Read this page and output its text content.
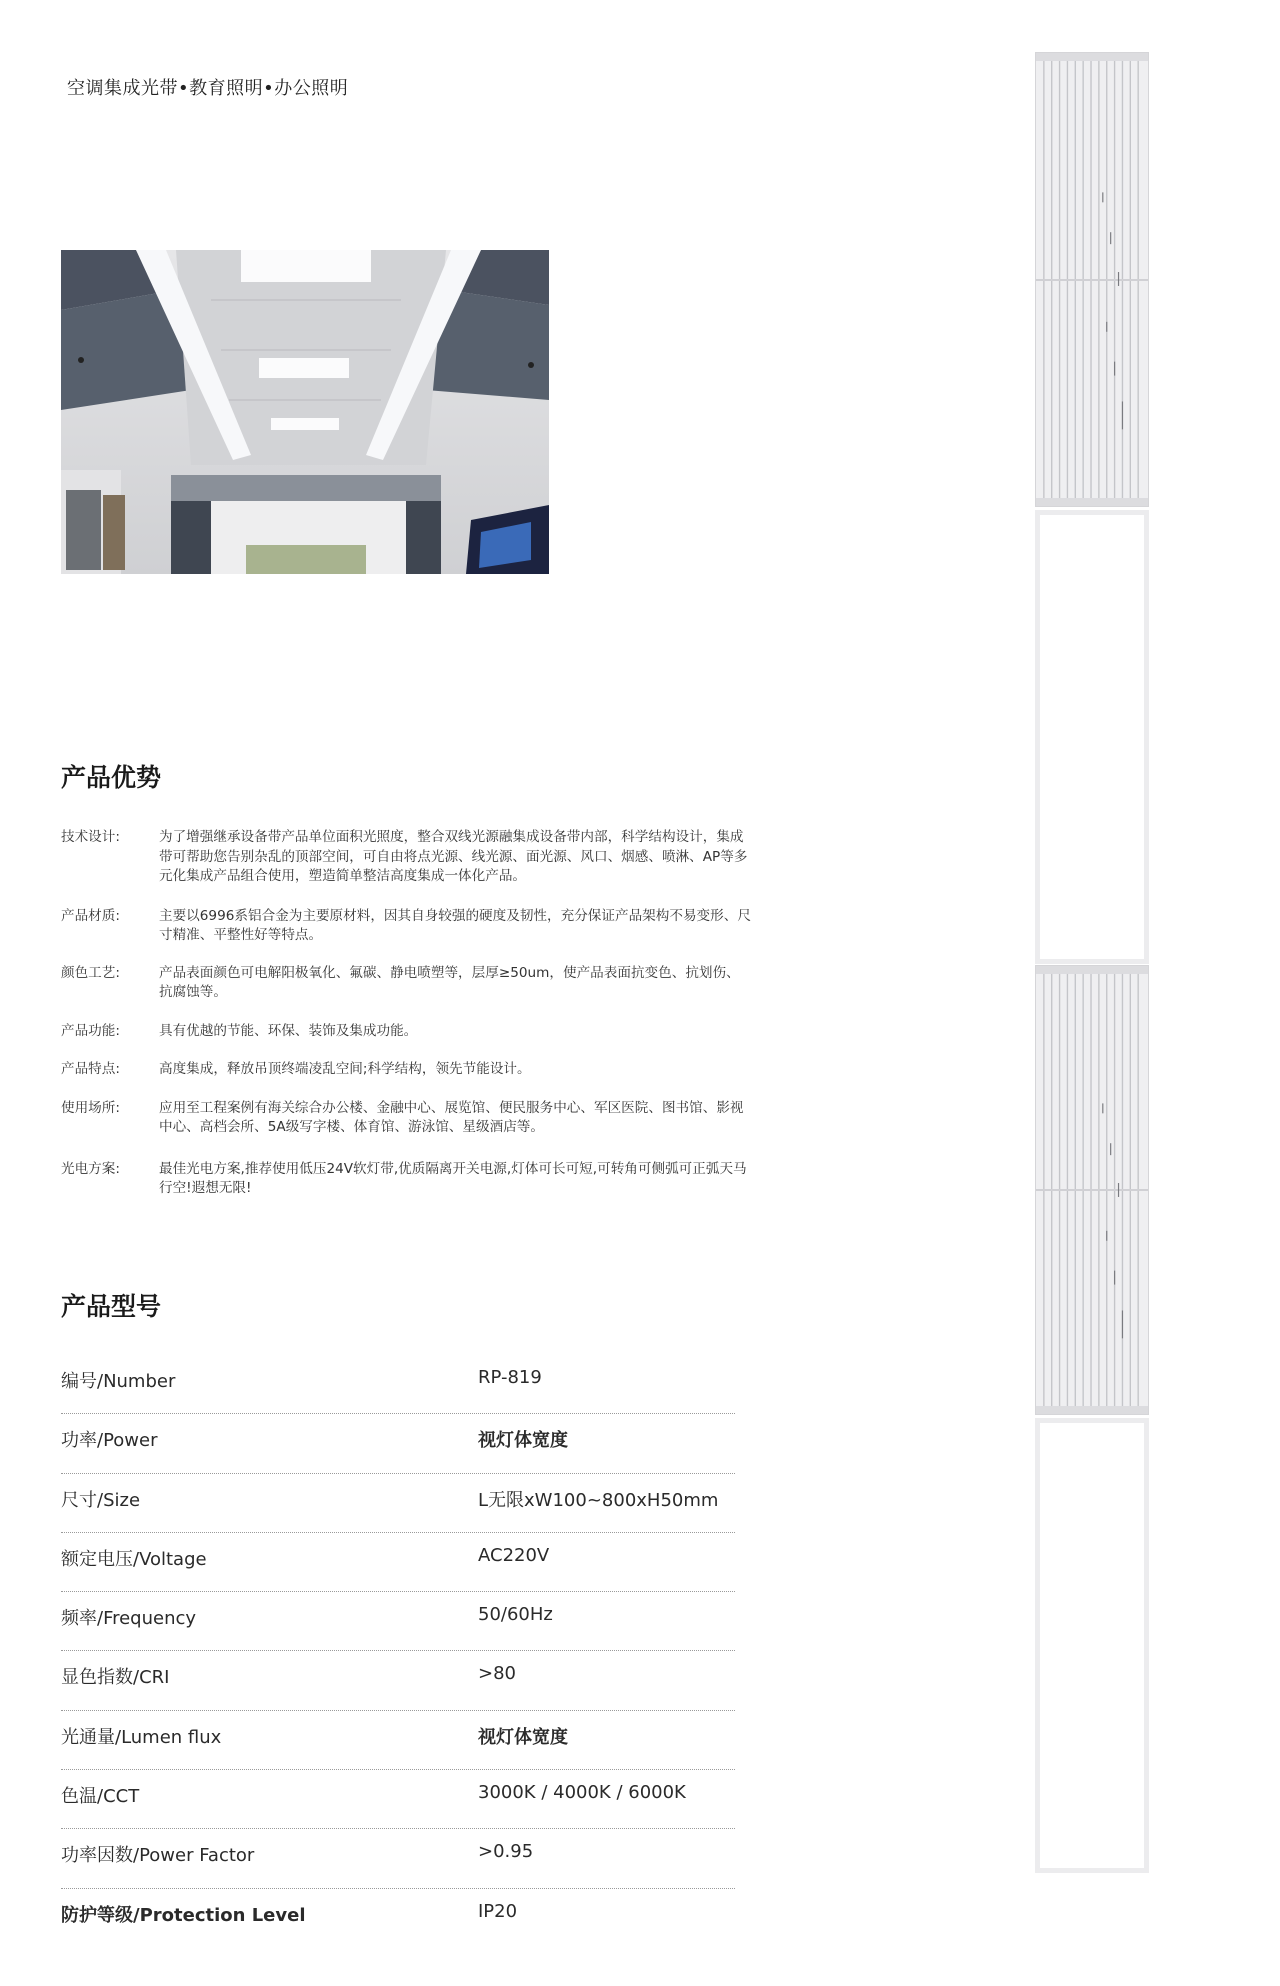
空调集成光带•教育照明•办公照明
产品优势
技术设计:	为了增强继承设备带产品单位面积光照度，整合双线光源融集成设备带内部，科学结构设计，集成带可帮助您告别杂乱的顶部空间，可自由将点光源、线光源、面光源、风口、烟感、喷淋、AP等多元化集成产品组合使用，塑造简单整洁高度集成一体化产品。
产品材质:	主要以6996系铝合金为主要原材料，因其自身较强的硬度及韧性，充分保证产品架构不易变形、尺寸精准、平整性好等特点。
颜色工艺:	产品表面颜色可电解阳极氧化、氟碳、静电喷塑等，层厚≥50um，使产品表面抗变色、抗划伤、抗腐蚀等。
产品功能:	具有优越的节能、环保、装饰及集成功能。
产品特点:	高度集成，释放吊顶终端凌乱空间;科学结构，领先节能设计。
使用场所:	应用至工程案例有海关综合办公楼、金融中心、展览馆、便民服务中心、军区医院、图书馆、影视中心、高档会所、5A级写字楼、体育馆、游泳馆、星级酒店等。
光电方案:	最佳光电方案,推荐使用低压24V软灯带,优质隔离开关电源,灯体可长可短,可转角可侧弧可正弧天马行空!遐想无限!
产品型号
编号/Number	RP-819
功率/Power	视灯体宽度
尺寸/Size	L无限xW100~800xH50mm
额定电压/Voltage	AC220V
频率/Frequency	50/60Hz
显色指数/CRI	>80
光通量/Lumen flux	视灯体宽度
色温/CCT	3000K / 4000K / 6000K
功率因数/Power Factor	>0.95
防护等级/Protection Level	IP20
